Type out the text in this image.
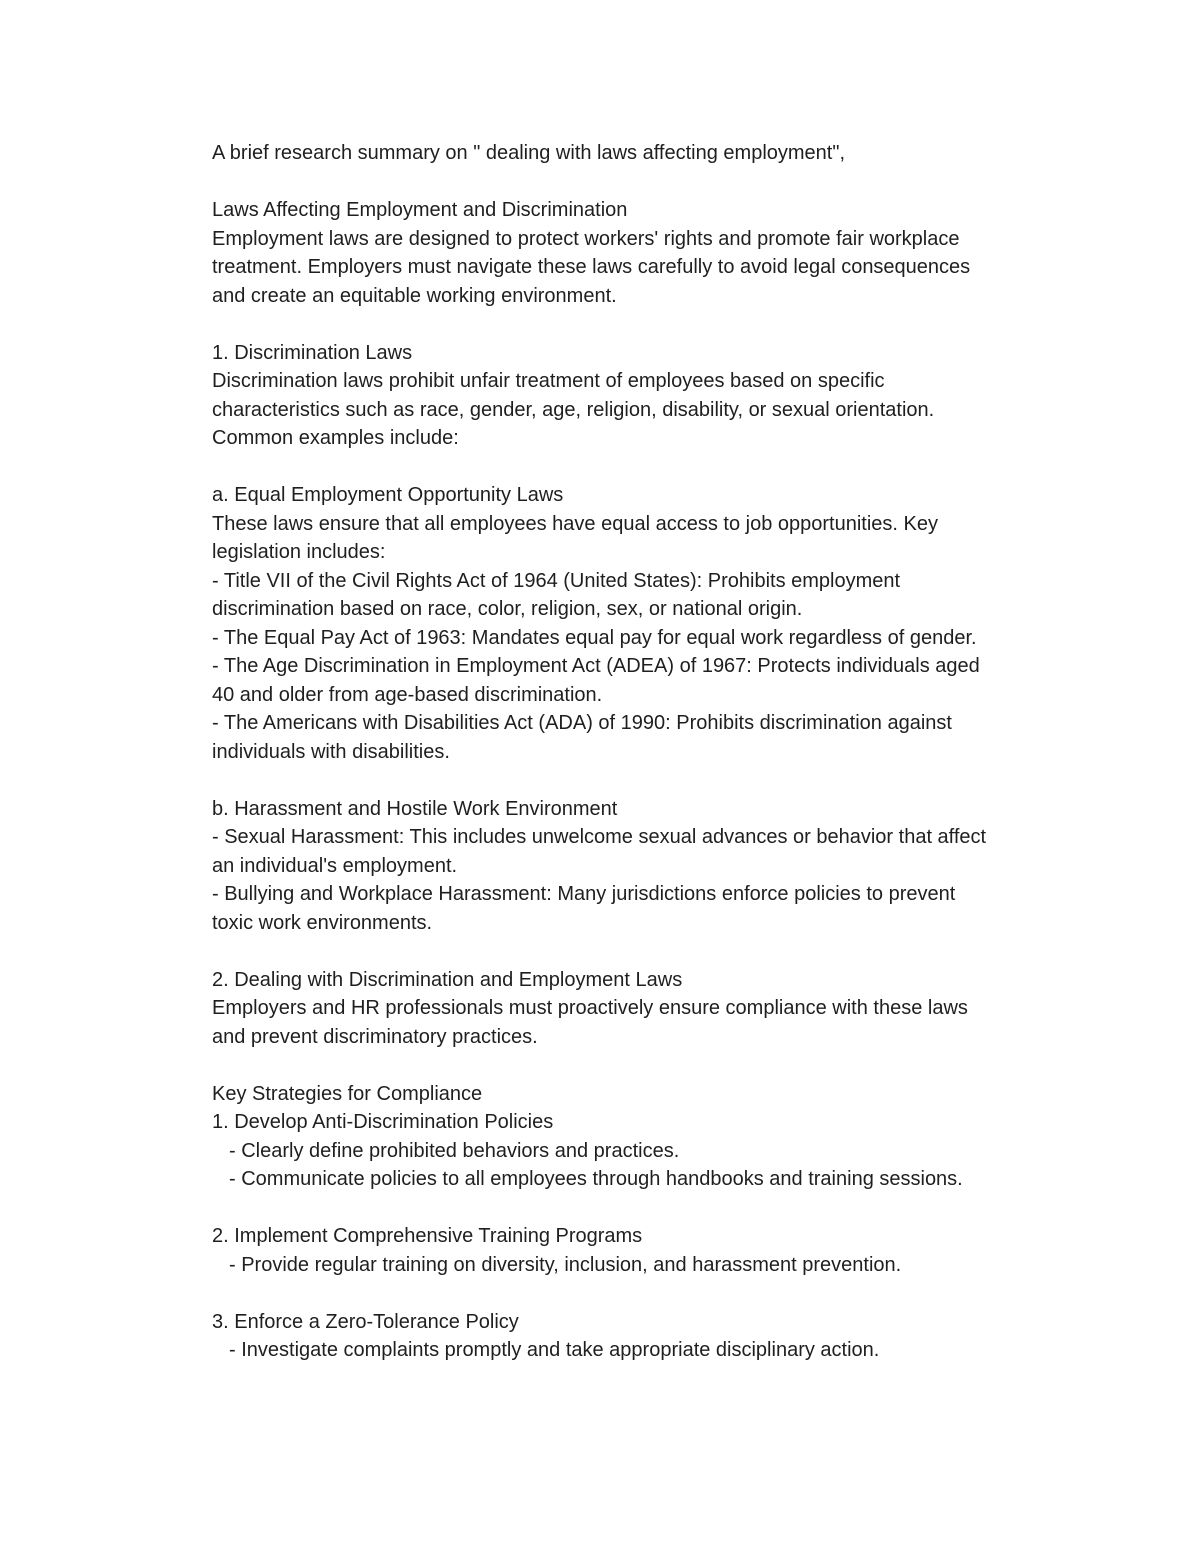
A brief research summary on " dealing with laws affecting employment",
Laws Affecting Employment and Discrimination
Employment laws are designed to protect workers' rights and promote fair workplace
treatment. Employers must navigate these laws carefully to avoid legal consequences
and create an equitable working environment.
1. Discrimination Laws
Discrimination laws prohibit unfair treatment of employees based on specific
characteristics such as race, gender, age, religion, disability, or sexual orientation.
Common examples include:
a. Equal Employment Opportunity Laws
These laws ensure that all employees have equal access to job opportunities. Key
legislation includes:
- Title VII of the Civil Rights Act of 1964 (United States): Prohibits employment
discrimination based on race, color, religion, sex, or national origin.
- The Equal Pay Act of 1963: Mandates equal pay for equal work regardless of gender.
- The Age Discrimination in Employment Act (ADEA) of 1967: Protects individuals aged
40 and older from age-based discrimination.
- The Americans with Disabilities Act (ADA) of 1990: Prohibits discrimination against
individuals with disabilities.
b. Harassment and Hostile Work Environment
- Sexual Harassment: This includes unwelcome sexual advances or behavior that affect
an individual's employment.
- Bullying and Workplace Harassment: Many jurisdictions enforce policies to prevent
toxic work environments.
2. Dealing with Discrimination and Employment Laws
Employers and HR professionals must proactively ensure compliance with these laws
and prevent discriminatory practices.
Key Strategies for Compliance
1. Develop Anti-Discrimination Policies
- Clearly define prohibited behaviors and practices.
- Communicate policies to all employees through handbooks and training sessions.
2. Implement Comprehensive Training Programs
- Provide regular training on diversity, inclusion, and harassment prevention.
3. Enforce a Zero-Tolerance Policy
- Investigate complaints promptly and take appropriate disciplinary action.
